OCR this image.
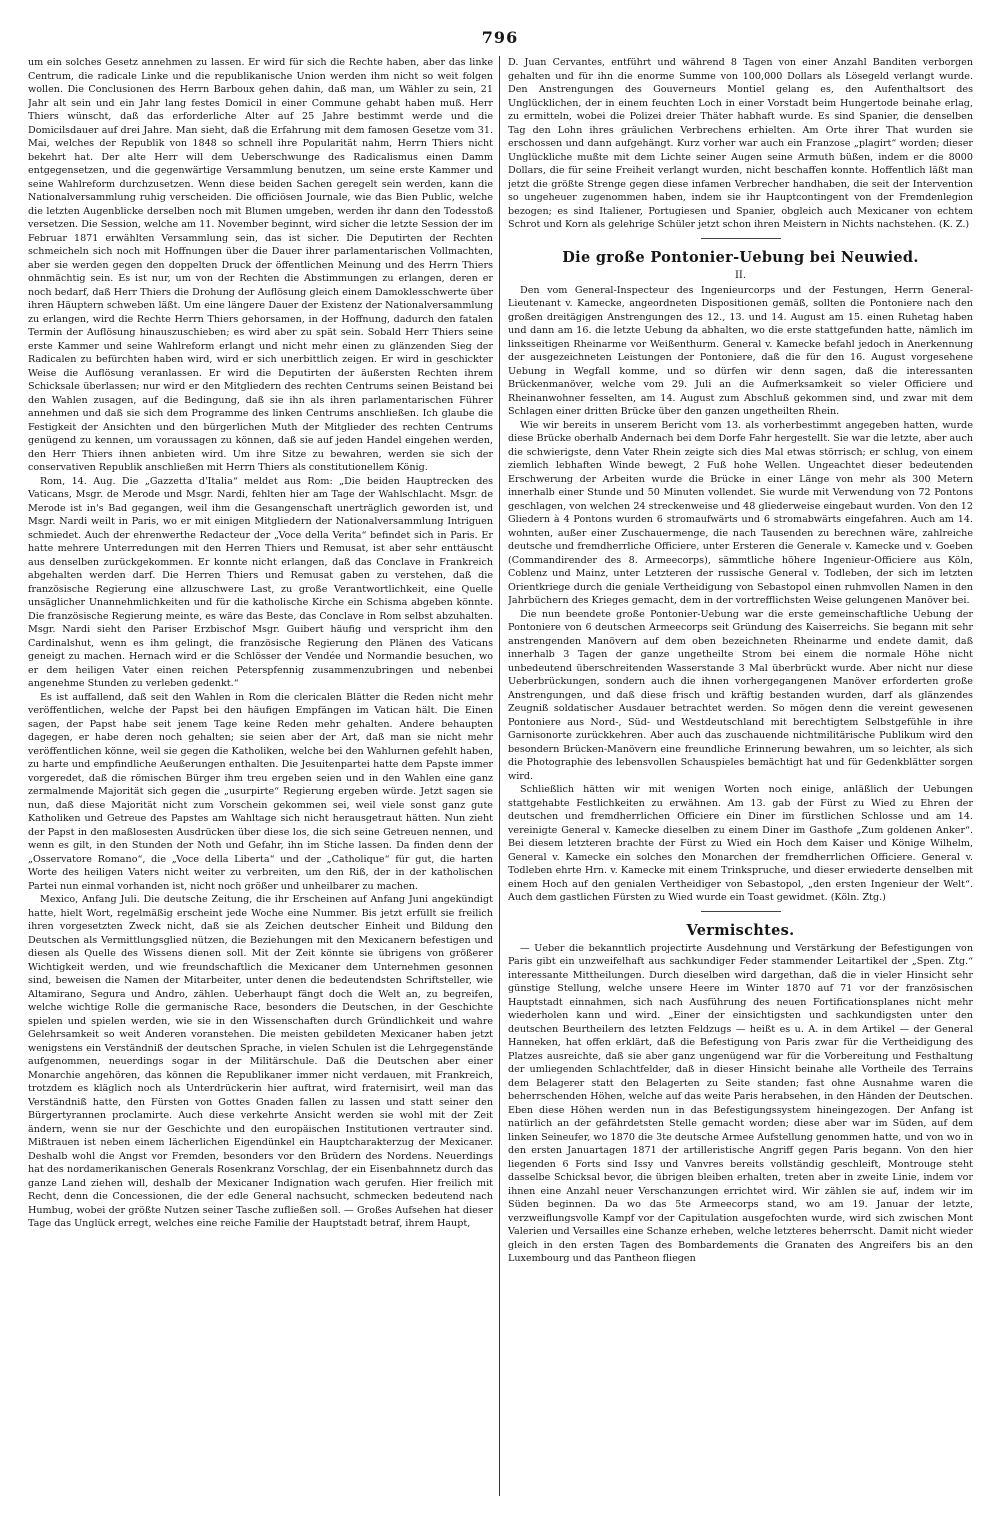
796

um ein solches Gesetz annehmen zu lassen. Er wird für sich die Rechte haben, aber das linke Centrum, die radicale Linke und die republikanische Union werden ihm nicht so weit folgen wollen. Die Conclusionen des Herrn Barboux gehen dahin, daß man, um Wähler zu sein, 21 Jahr alt sein und ein Jahr lang festes Domicil in einer Commune gehabt haben muß. Herr Thiers wünscht, daß das erforderliche Alter auf 25 Jahre bestimmt werde und die Domicilsdauer auf drei Jahre. Man sieht, daß die Erfahrung mit dem famosen Gesetze vom 31. Mai, welches der Republik von 1848 so schnell ihre Popularität nahm, Herrn Thiers nicht bekehrt hat. Der alte Herr will dem Ueberschwunge des Radicalismus einen Damm entgegensetzen, und die gegenwärtige Versammlung benutzen, um seine erste Kammer und seine Wahlreform durchzusetzen. Wenn diese beiden Sachen geregelt sein werden, kann die Nationalversammlung ruhig verscheiden. Die officiösen Journale, wie das Bien Public, welche die letzten Augenblicke derselben noch mit Blumen umgeben, werden ihr dann den Todesstoß versetzen. Die Session, welche am 11. November beginnt, wird sicher die letzte Session der im Februar 1871 erwählten Versammlung sein, das ist sicher. Die Deputirten der Rechten schmeicheln sich noch mit Hoffnungen über die Dauer ihrer parlamentarischen Vollmachten, aber sie werden gegen den doppelten Druck der öffentlichen Meinung und des Herrn Thiers ohnmächtig sein. Es ist nur, um von der Rechten die Abstimmungen zu erlangen, deren er noch bedarf, daß Herr Thiers die Drohung der Auflösung gleich einem Damoklesschwerte über ihren Häuptern schweben läßt. Um eine längere Dauer der Existenz der Nationalversammlung zu erlangen, wird die Rechte Herrn Thiers gehorsamen, in der Hoffnung, dadurch den fatalen Termin der Auflösung hinauszuschieben; es wird aber zu spät sein. Sobald Herr Thiers seine erste Kammer und seine Wahlreform erlangt und nicht mehr einen zu glänzenden Sieg der Radicalen zu befürchten haben wird, wird er sich unerbittlich zeigen. Er wird in geschickter Weise die Auflösung veranlassen. Er wird die Deputirten der äußersten Rechten ihrem Schicksale überlassen; nur wird er den Mitgliedern des rechten Centrums seinen Beistand bei den Wahlen zusagen, auf die Bedingung, daß sie ihn als ihren parlamentarischen Führer annehmen und daß sie sich dem Programme des linken Centrums anschließen. Ich glaube die Festigkeit der Ansichten und den bürgerlichen Muth der Mitglieder des rechten Centrums genügend zu kennen, um voraussagen zu können, daß sie auf jeden Handel eingehen werden, den Herr Thiers ihnen anbieten wird. Um ihre Sitze zu bewahren, werden sie sich der conservativen Republik anschließen mit Herrn Thiers als constitutionellem König.

Rom, 14. Aug. Die „Gazzetta d'Italia“ meldet aus Rom: „Die beiden Hauptrecken des Vaticans, Msgr. de Merode und Msgr. Nardi, fehlten hier am Tage der Wahlschlacht. Msgr. de Merode ist in's Bad gegangen, weil ihm die Gesangenschaft unerträglich geworden ist, und Msgr. Nardi weilt in Paris, wo er mit einigen Mitgliedern der Nationalversammlung Intriguen schmiedet. Auch der ehrenwerthe Redacteur der „Voce della Verita“ befindet sich in Paris. Er hatte mehrere Unterredungen mit den Herren Thiers und Remusat, ist aber sehr enttäuscht aus denselben zurückgekommen. Er konnte nicht erlangen, daß das Conclave in Frankreich abgehalten werden darf. Die Herren Thiers und Remusat gaben zu verstehen, daß die französische Regierung eine allzuschwere Last, zu große Verantwortlichkeit, eine Quelle unsäglicher Unannehmlichkeiten und für die katholische Kirche ein Schisma abgeben könnte. Die französische Regierung meinte, es wäre das Beste, das Conclave in Rom selbst abzuhalten. Msgr. Nardi sieht den Pariser Erzbischof Msgr. Guibert häufig und verspricht ihm den Cardinalshut, wenn es ihm gelingt, die französische Regierung den Plänen des Vaticans geneigt zu machen. Hernach wird er die Schlösser der Vendée und Normandie besuchen, wo er dem heiligen Vater einen reichen Peterspfennig zusammenzubringen und nebenbei angenehme Stunden zu verleben gedenkt.“

Es ist auffallend, daß seit den Wahlen in Rom die clericalen Blätter die Reden nicht mehr veröffentlichen, welche der Papst bei den häufigen Empfängen im Vatican hält. Die Einen sagen, der Papst habe seit jenem Tage keine Reden mehr gehalten. Andere behaupten dagegen, er habe deren noch gehalten; sie seien aber der Art, daß man sie nicht mehr veröffentlichen könne, weil sie gegen die Katholiken, welche bei den Wahlurnen gefehlt haben, zu harte und empfindliche Aeußerungen enthalten. Die Jesuitenpartei hatte dem Papste immer vorgeredet, daß die römischen Bürger ihm treu ergeben seien und in den Wahlen eine ganz zermalmende Majorität sich gegen die „usurpirte“ Regierung ergeben würde. Jetzt sagen sie nun, daß diese Majorität nicht zum Vorschein gekommen sei, weil viele sonst ganz gute Katholiken und Getreue des Papstes am Wahltage sich nicht herausgetraut hätten. Nun zieht der Papst in den maßlosesten Ausdrücken über diese los, die sich seine Getreuen nennen, und wenn es gilt, in den Stunden der Noth und Gefahr, ihn im Stiche lassen. Da finden denn der „Osservatore Romano“, die „Voce della Liberta“ und der „Catholique“ für gut, die harten Worte des heiligen Vaters nicht weiter zu verbreiten, um den Riß, der in der katholischen Partei nun einmal vorhanden ist, nicht noch größer und unheilbarer zu machen.

Mexico, Anfang Juli. Die deutsche Zeitung, die ihr Erscheinen auf Anfang Juni angekündigt hatte, hielt Wort, regelmäßig erscheint jede Woche eine Nummer. Bis jetzt erfüllt sie freilich ihren vorgesetzten Zweck nicht, daß sie als Zeichen deutscher Einheit und Bildung den Deutschen als Vermittlungsglied nützen, die Beziehungen mit den Mexicanern befestigen und diesen als Quelle des Wissens dienen soll. Mit der Zeit könnte sie übrigens von größerer Wichtigkeit werden, und wie freundschaftlich die Mexicaner dem Unternehmen gesonnen sind, beweisen die Namen der Mitarbeiter, unter denen die bedeutendsten Schriftsteller, wie Altamirano, Segura und Andro, zählen. Ueberhaupt fängt doch die Welt an, zu begreifen, welche wichtige Rolle die germanische Race, besonders die Deutschen, in der Geschichte spielen und spielen werden, wie sie in den Wissenschaften durch Gründlichkeit und wahre Gelehrsamkeit so weit Anderen voranstehen. Die meisten gebildeten Mexicaner haben jetzt wenigstens ein Verständniß der deutschen Sprache, in vielen Schulen ist die Lehrgegenstände aufgenommen, neuerdings sogar in der Militärschule. Daß die Deutschen aber einer Monarchie angehören, das können die Republikaner immer nicht verdauen, mit Frankreich, trotzdem es kläglich noch als Unterdrückerin hier auftrat, wird fraternisirt, weil man das Verständniß hatte, den Fürsten von Gottes Gnaden fallen zu lassen und statt seiner den Bürgertyrannen proclamirte. Auch diese verkehrte Ansicht werden sie wohl mit der Zeit ändern, wenn sie nur der Geschichte und den europäischen Institutionen vertrauter sind. Mißtrauen ist neben einem lächerlichen Eigendünkel ein Hauptcharakterzug der Mexicaner. Deshalb wohl die Angst vor Fremden, besonders vor den Brüdern des Nordens. Neuerdings hat des nordamerikanischen Generals Rosenkranz Vorschlag, der ein Eisenbahnnetz durch das ganze Land ziehen will, deshalb der Mexicaner Indignation wach gerufen. Hier freilich mit Recht, denn die Concessionen, die der edle General nachsucht, schmecken bedeutend nach Humbug, wobei der größte Nutzen seiner Tasche zufließen soll. — Großes Aufsehen hat dieser Tage das Unglück erregt, welches eine reiche Familie der Hauptstadt betraf, ihrem Haupt,

D. Juan Cervantes, entführt und während 8 Tagen von einer Anzahl Banditen verborgen gehalten und für ihn die enorme Summe von 100,000 Dollars als Lösegeld verlangt wurde. Den Anstrengungen des Gouverneurs Montiel gelang es, den Aufenthaltsort des Unglücklichen, der in einem feuchten Loch in einer Vorstadt beim Hungertode beinahe erlag, zu ermitteln, wobei die Polizei dreier Thäter habhaft wurde. Es sind Spanier, die denselben Tag den Lohn ihres gräulichen Verbrechens erhielten. Am Orte ihrer That wurden sie erschossen und dann aufgehängt. Kurz vorher war auch ein Franzose „plagirt“ worden; dieser Unglückliche mußte mit dem Lichte seiner Augen seine Armuth büßen, indem er die 8000 Dollars, die für seine Freiheit verlangt wurden, nicht beschaffen konnte. Hoffentlich läßt man jetzt die größte Strenge gegen diese infamen Verbrecher handhaben, die seit der Intervention so ungeheuer zugenommen haben, indem sie ihr Hauptcontingent von der Fremdenlegion bezogen; es sind Italiener, Portugiesen und Spanier, obgleich auch Mexicaner von echtem Schrot und Korn als gelehrige Schüler jetzt schon ihren Meistern in Nichts nachstehen. (K. Z.)

Die große Pontonier-Uebung bei Neuwied.
II.

Den vom General-Inspecteur des Ingenieurcorps und der Festungen, Herrn General-Lieutenant v. Kamecke, angeordneten Dispositionen gemäß, sollten die Pontoniere nach den großen dreitägigen Anstrengungen des 12., 13. und 14. August am 15. einen Ruhetag haben und dann am 16. die letzte Uebung da abhalten, wo die erste stattgefunden hatte, nämlich im linksseitigen Rheinarme vor Weißenthurm. General v. Kamecke befahl jedoch in Anerkennung der ausgezeichneten Leistungen der Pontoniere, daß die für den 16. August vorgesehene Uebung in Wegfall komme, und so dürfen wir denn sagen, daß die interessanten Brückenmanöver, welche vom 29. Juli an die Aufmerksamkeit so vieler Officiere und Rheinanwohner fesselten, am 14. August zum Abschluß gekommen sind, und zwar mit dem Schlagen einer dritten Brücke über den ganzen ungetheilten Rhein.

Wie wir bereits in unserem Bericht vom 13. als vorherbestimmt angegeben hatten, wurde diese Brücke oberhalb Andernach bei dem Dorfe Fahr hergestellt. Sie war die letzte, aber auch die schwierigste, denn Vater Rhein zeigte sich dies Mal etwas störrisch; er schlug, von einem ziemlich lebhaften Winde bewegt, 2 Fuß hohe Wellen. Ungeachtet dieser bedeutenden Erschwerung der Arbeiten wurde die Brücke in einer Länge von mehr als 300 Metern innerhalb einer Stunde und 50 Minuten vollendet. Sie wurde mit Verwendung von 72 Pontons geschlagen, von welchen 24 streckenweise und 48 gliederweise eingebaut wurden. Von den 12 Gliedern à 4 Pontons wurden 6 stromaufwärts und 6 stromabwärts eingefahren. Auch am 14. wohnten, außer einer Zuschauermenge, die nach Tausenden zu berechnen wäre, zahlreiche deutsche und fremdherrliche Officiere, unter Ersteren die Generale v. Kamecke und v. Goeben (Commandirender des 8. Armeecorps), sämmtliche höhere Ingenieur-Officiere aus Köln, Coblenz und Mainz, unter Letzteren der russische General v. Todleben, der sich im letzten Orientkriege durch die geniale Vertheidigung von Sebastopol einen ruhmvollen Namen in den Jahrbüchern des Krieges gemacht, dem in der vortrefflichsten Weise gelungenen Manöver bei.

Die nun beendete große Pontonier-Uebung war die erste gemeinschaftliche Uebung der Pontoniere von 6 deutschen Armeecorps seit Gründung des Kaiserreichs. Sie begann mit sehr anstrengenden Manövern auf dem oben bezeichneten Rheinarme und endete damit, daß innerhalb 3 Tagen der ganze ungetheilte Strom bei einem die normale Höhe nicht unbedeutend überschreitenden Wasserstande 3 Mal überbrückt wurde. Aber nicht nur diese Ueberbrückungen, sondern auch die ihnen vorhergegangenen Manöver erforderten große Anstrengungen, und daß diese frisch und kräftig bestanden wurden, darf als glänzendes Zeugniß soldatischer Ausdauer betrachtet werden. So mögen denn die vereint gewesenen Pontoniere aus Nord-, Süd- und Westdeutschland mit berechtigtem Selbstgefühle in ihre Garnisonorte zurückkehren. Aber auch das zuschauende nichtmilitärische Publikum wird den besondern Brücken-Manövern eine freundliche Erinnerung bewahren, um so leichter, als sich die Photographie des lebensvollen Schauspieles bemächtigt hat und für Gedenkblätter sorgen wird.

Schließlich hätten wir mit wenigen Worten noch einige, anläßlich der Uebungen stattgehabte Festlichkeiten zu erwähnen. Am 13. gab der Fürst zu Wied zu Ehren der deutschen und fremdherrlichen Officiere ein Diner im fürstlichen Schlosse und am 14. vereinigte General v. Kamecke dieselben zu einem Diner im Gasthofe „Zum goldenen Anker“. Bei diesem letzteren brachte der Fürst zu Wied ein Hoch dem Kaiser und Könige Wilhelm, General v. Kamecke ein solches den Monarchen der fremdherrlichen Officiere. General v. Todleben ehrte Hrn. v. Kamecke mit einem Trinkspruche, und dieser erwiederte denselben mit einem Hoch auf den genialen Vertheidiger von Sebastopol, „den ersten Ingenieur der Welt“. Auch dem gastlichen Fürsten zu Wied wurde ein Toast gewidmet. (Köln. Ztg.)

Vermischtes.

— Ueber die bekanntlich projectirte Ausdehnung und Verstärkung der Befestigungen von Paris gibt ein unzweifelhaft aus sachkundiger Feder stammender Leitartikel der „Spen. Ztg.“ interessante Mittheilungen. Durch dieselben wird dargethan, daß die in vieler Hinsicht sehr günstige Stellung, welche unsere Heere im Winter 1870 auf 71 vor der französischen Hauptstadt einnahmen, sich nach Ausführung des neuen Fortificationsplanes nicht mehr wiederholen kann und wird. „Einer der einsichtigsten und sachkundigsten unter den deutschen Beurtheilern des letzten Feldzugs — heißt es u. A. in dem Artikel — der General Hanneken, hat offen erklärt, daß die Befestigung von Paris zwar für die Vertheidigung des Platzes ausreichte, daß sie aber ganz ungenügend war für die Vorbereitung und Festhaltung der umliegenden Schlachtfelder, daß in dieser Hinsicht beinahe alle Vortheile des Terrains dem Belagerer statt den Belagerten zu Seite standen; fast ohne Ausnahme waren die beherrschenden Höhen, welche auf das weite Paris herabsehen, in den Händen der Deutschen. Eben diese Höhen werden nun in das Befestigungssystem hineingezogen. Der Anfang ist natürlich an der gefährdetsten Stelle gemacht worden; diese aber war im Süden, auf dem linken Seineufer, wo 1870 die 3te deutsche Armee Aufstellung genommen hatte, und von wo in den ersten Januartagen 1871 der artilleristische Angriff gegen Paris begann. Von den hier liegenden 6 Forts sind Issy und Vanvres bereits vollständig geschleift, Montrouge steht dasselbe Schicksal bevor, die übrigen bleiben erhalten, treten aber in zweite Linie, indem vor ihnen eine Anzahl neuer Verschanzungen errichtet wird. Wir zählen sie auf, indem wir im Süden beginnen. Da wo das 5te Armeecorps stand, wo am 19. Januar der letzte, verzweiflungsvolle Kampf vor der Capitulation ausgefochten wurde, wird sich zwischen Mont Valerien und Versailles eine Schanze erheben, welche letzteres beherrscht. Damit nicht wieder gleich in den ersten Tagen des Bombardements die Granaten des Angreifers bis an den Luxembourg und das Pantheon fliegen
